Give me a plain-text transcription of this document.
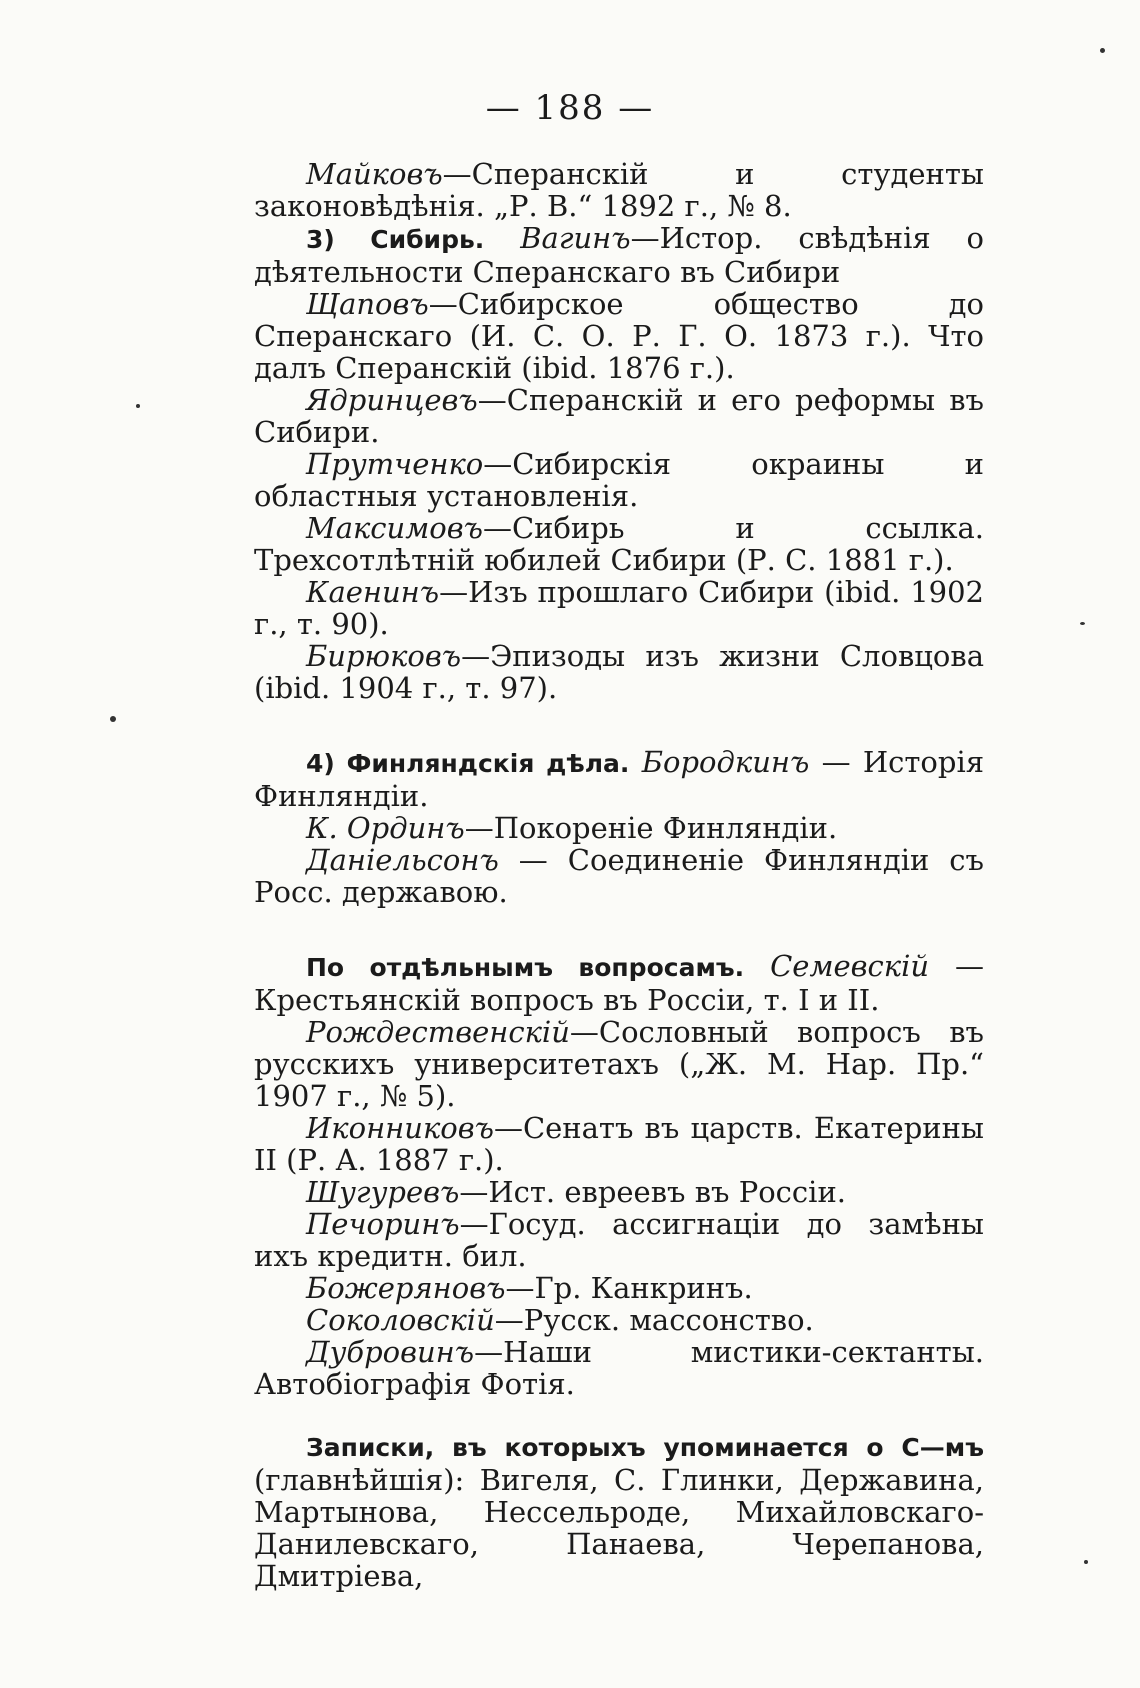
— 188 —

Майковъ—Сперанскій и студенты законовѣдѣнія. „Р. В.“ 1892 г., № 8.

3) Сибирь. Вагинъ—Истор. свѣдѣнія о дѣятельности Сперанскаго въ Сибири

Щаповъ—Сибирское общество до Сперанскаго (И. С. О. Р. Г. О. 1873 г.). Что далъ Сперанскій (ibid. 1876 г.).

Ядринцевъ—Сперанскій и его реформы въ Сибири.

Прутченко—Сибирскія окраины и областныя установленія.

Максимовъ—Сибирь и ссылка. Трехсотлѣтній юбилей Сибири (Р. С. 1881 г.).

Каенинъ—Изъ прошлаго Сибири (ibid. 1902 г., т. 90).

Бирюковъ—Эпизоды изъ жизни Словцова (ibid. 1904 г., т. 97).

4) Финляндскія дѣла. Бородкинъ — Исторія Финляндіи.

К. Ординъ—Покореніе Финляндіи.

Даніельсонъ — Соединеніе Финляндіи съ Росс. державою.

По отдѣльнымъ вопросамъ. Семевскій — Крестьянскій вопросъ въ Россіи, т. I и II.

Рождественскій—Сословный вопросъ въ русскихъ университетахъ („Ж. М. Нар. Пр.“ 1907 г., № 5).

Иконниковъ—Сенатъ въ царств. Екатерины II (Р. А. 1887 г.).

Шугуревъ—Ист. евреевъ въ Россіи.

Печоринъ—Госуд. ассигнаціи до замѣны ихъ кредитн. бил.

Божеряновъ—Гр. Канкринъ.

Соколовскій—Русск. массонство.

Дубровинъ—Наши мистики-сектанты. Автобіографія Фотія.

Записки, въ которыхъ упоминается о С—мъ (главнѣйшія): Вигеля, С. Глинки, Державина, Мартынова, Нессельроде, Михайловскаго-Данилевскаго, Панаева, Черепанова, Дмитріева,
